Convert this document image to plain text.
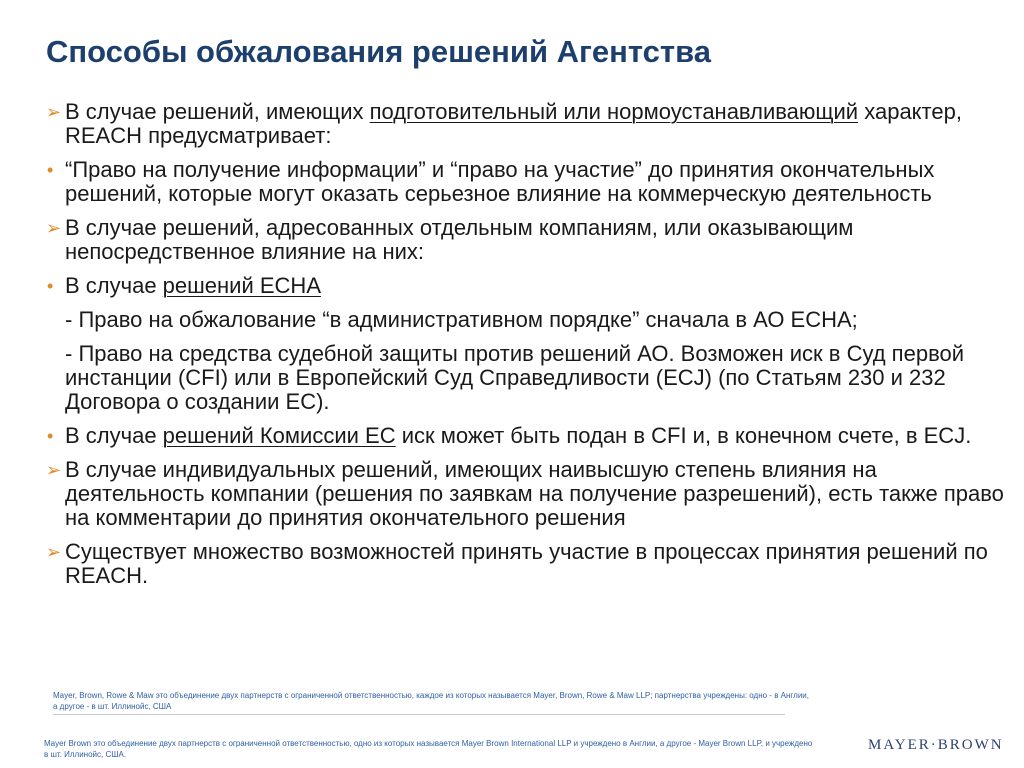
Способы обжалования решений Агентства
➢ В случае решений, имеющих подготовительный или нормоустанавливающий характер, REACH предусматривает:
• “Право на получение информации” и “право на участие” до принятия окончательных решений, которые могут оказать серьезное влияние на коммерческую деятельность
➢ В случае решений, адресованных отдельным компаниям, или оказывающим непосредственное влияние на них:
• В случае решений ECHA
- Право на обжалование “в административном порядке” сначала в АО ECHA;
- Право на средства судебной защиты против решений АО. Возможен иск в Суд первой инстанции (CFI) или в Европейский Суд Справедливости (ECJ) (по Статьям 230 и 232 Договора о создании ЕС).
• В случае решений Комиссии ЕС иск может быть подан в CFI и, в конечном счете, в ECJ.
➢ В случае индивидуальных решений, имеющих наивысшую степень влияния на деятельность компании (решения по заявкам на получение разрешений), есть также право на комментарии до принятия окончательного решения
➢ Существует множество возможностей принять участие в процессах принятия решений по REACH.
Mayer, Brown, Rowe & Maw это объединение двух партнерств с ограниченной ответственностью, каждое из которых называется Mayer, Brown, Rowe & Maw LLP; партнерства учреждены: одно - в Англии, а другое - в шт. Иллинойс, США
Mayer Brown это объединение двух партнерств с ограниченной ответственностью, одно из которых называется Mayer Brown International LLP и учреждено в Англии, а другое - Mayer Brown LLP, и учреждено в шт. Иллинойс, США.
MAYER·BROWN
